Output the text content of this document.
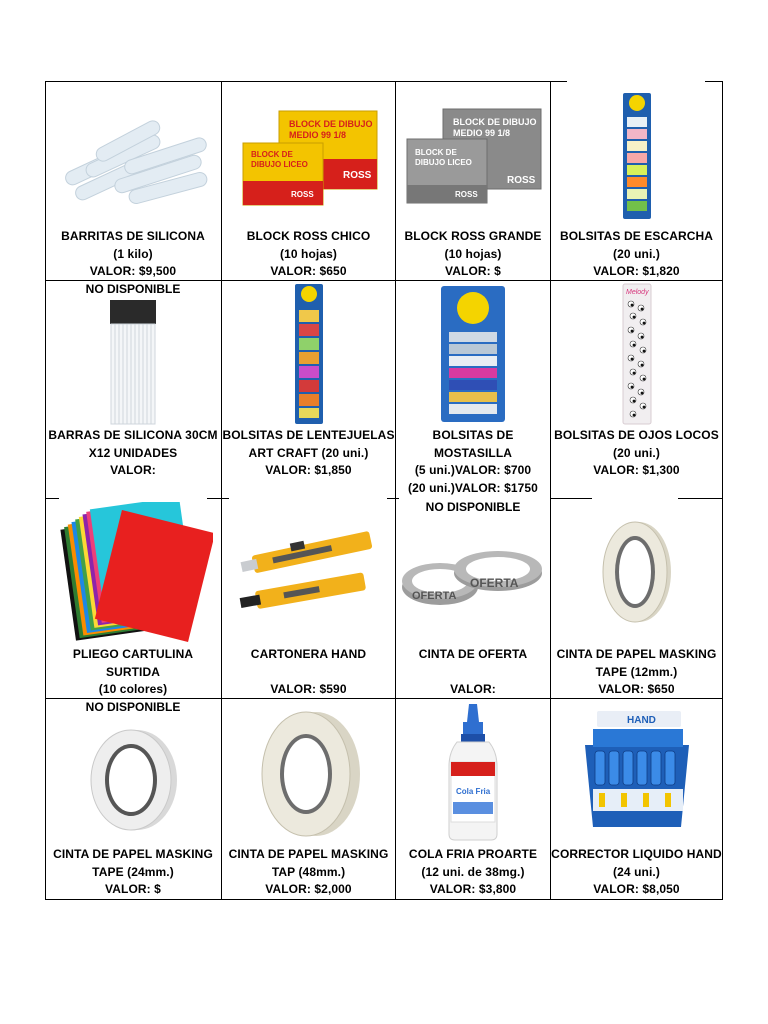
BARRITAS DE SILICONA
(1 kilo)
VALOR: $9,500
BLOCK DE DIBUJO
MEDIO 99 1/8
ROSS
BLOCK DE
DIBUJO LICEO
ROSS
BLOCK ROSS CHICO
(10 hojas)
VALOR: $650
BLOCK DE DIBUJO
MEDIO 99 1/8
ROSS
BLOCK DE
DIBUJO LICEO
ROSS
BLOCK ROSS GRANDE
(10 hojas)
VALOR: $
BOLSITAS DE ESCARCHA
(20 uni.)
VALOR: $1,820
NO DISPONIBLE
BARRAS DE SILICONA 30CM
X12 UNIDADES
VALOR:
BOLSITAS DE LENTEJUELAS
ART CRAFT (20 uni.)
VALOR: $1,850
BOLSITAS DE
MOSTASILLA
(5 uni.)VALOR: $700
(20 uni.)VALOR: $1750
Melody
BOLSITAS DE OJOS LOCOS
(20 uni.)
VALOR: $1,300
PLIEGO CARTULINA SURTIDA
(10 colores)
CARTONERA HAND
VALOR: $590
NO DISPONIBLE
OFERTA
OFERTA
CINTA DE OFERTA
VALOR:
CINTA DE PAPEL MASKING
TAPE (12mm.)
VALOR: $650
NO DISPONIBLE
CINTA DE PAPEL MASKING
TAPE (24mm.)
VALOR: $
CINTA DE PAPEL MASKING
TAP (48mm.)
VALOR: $2,000
Cola Fria
COLA FRIA PROARTE
(12 uni. de 38mg.)
VALOR: $3,800
HAND
CORRECTOR LIQUIDO HAND
(24 uni.)
VALOR: $8,050
